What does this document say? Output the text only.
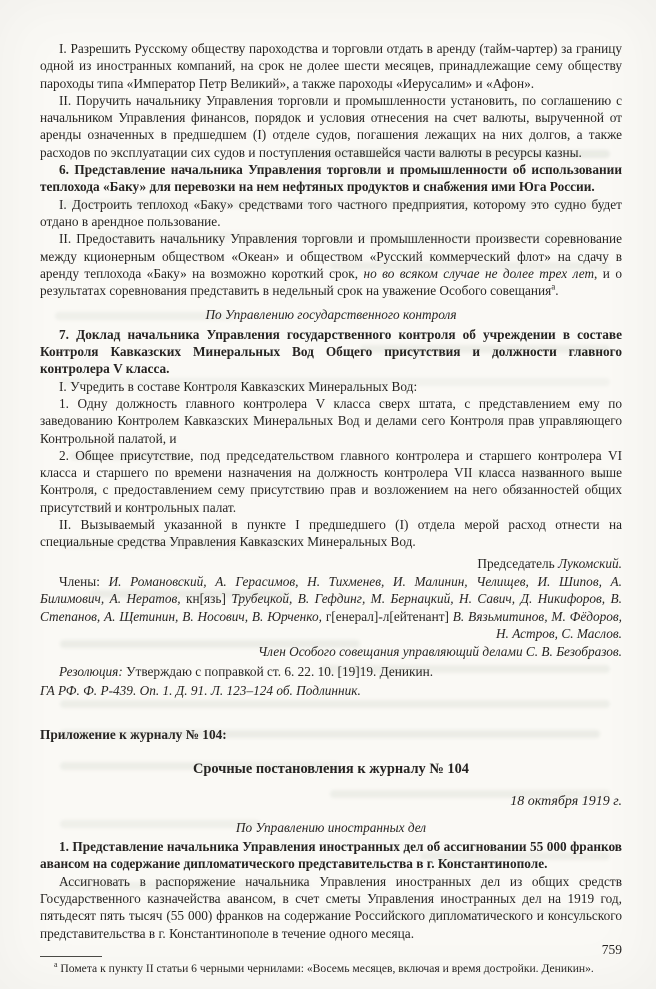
I. Разрешить Русскому обществу пароходства и торговли отдать в аренду (тайм-чартер) за границу одной из иностранных компаний, на срок не долее шести месяцев, принадлежащие сему обществу пароходы типа «Император Петр Великий», а также пароходы «Иерусалим» и «Афон».

II. Поручить начальнику Управления торговли и промышленности установить, по соглашению с начальником Управления финансов, порядок и условия отнесения на счет валюты, вырученной от аренды означенных в предшедшем (I) отделе судов, погашения лежащих на них долгов, а также расходов по эксплуатации сих судов и поступления оставшейся части валюты в ресурсы казны.

6. Представление начальника Управления торговли и промышленности об использовании теплохода «Баку» для перевозки на нем нефтяных продуктов и снабжения ими Юга России.

I. Достроить теплоход «Баку» средствами того частного предприятия, которому это судно будет отдано в арендное пользование.

II. Предоставить начальнику Управления торговли и промышленности произвести соревнование между кционерным обществом «Океан» и обществом «Русский коммерческий флот» на сдачу в аренду теплохода «Баку» на возможно короткий срок, но во всяком случае не долее трех лет, и о результатах соревнования представить в недельный срок на уважение Особого совещания$^а$.

По Управлению государственного контроля

7. Доклад начальника Управления государственного контроля об учреждении в составе Контроля Кавказских Минеральных Вод Общего присутствия и должности главного контролера V класса.

I. Учредить в составе Контроля Кавказских Минеральных Вод:

1. Одну должность главного контролера V класса сверх штата, с представлением ему по заведованию Контролем Кавказских Минеральных Вод и делами сего Контроля прав управляющего Контрольной палатой, и

2. Общее присутствие, под председательством главного контролера и старшего контролера VI класса и старшего по времени назначения на должность контролера VII класса названного выше Контроля, с предоставлением сему присутствию прав и возложением на него обязанностей общих присутствий и контрольных палат.

II. Вызываемый указанной в пункте I предшедшего (I) отдела мерой расход отнести на специальные средства Управления Кавказских Минеральных Вод.

Председатель Лукомский.

Члены: И. Романовский, А. Герасимов, Н. Тихменев, И. Малинин, Челищев, И. Шипов, А. Билимович, А. Нератов, кн[язь] Трубецкой, В. Гефдинг, М. Бернацкий, Н. Савич, Д. Никифоров, В. Степанов, А. Щетинин, В. Носович, В. Юрченко, г[енерал]-л[ейтенант] В. Вязьмитинов, М. Фёдоров, Н. Астров, С. Маслов.

Член Особого совещания управляющий делами С. В. Безобразов.

Резолюция: Утверждаю с поправкой ст. 6. 22. 10. [19]19. Деникин.

ГА РФ. Ф. Р-439. Оп. 1. Д. 91. Л. 123–124 об. Подлинник.

Приложение к журналу № 104:

Срочные постановления к журналу № 104

18 октября 1919 г.

По Управлению иностранных дел

1. Представление начальника Управления иностранных дел об ассигновании 55 000 франков авансом на содержание дипломатического представительства в г. Константинополе.

Ассигновать в распоряжение начальника Управления иностранных дел из общих средств Государственного казначейства авансом, в счет сметы Управления иностранных дел на 1919 год, пятьдесят пять тысяч (55 000) франков на содержание Российского дипломатического и консульского представительства в г. Константинополе в течение одного месяца.

$^а$ Помета к пункту II статьи 6 черными чернилами: «Восемь месяцев, включая и время достройки. Деникин».

759
